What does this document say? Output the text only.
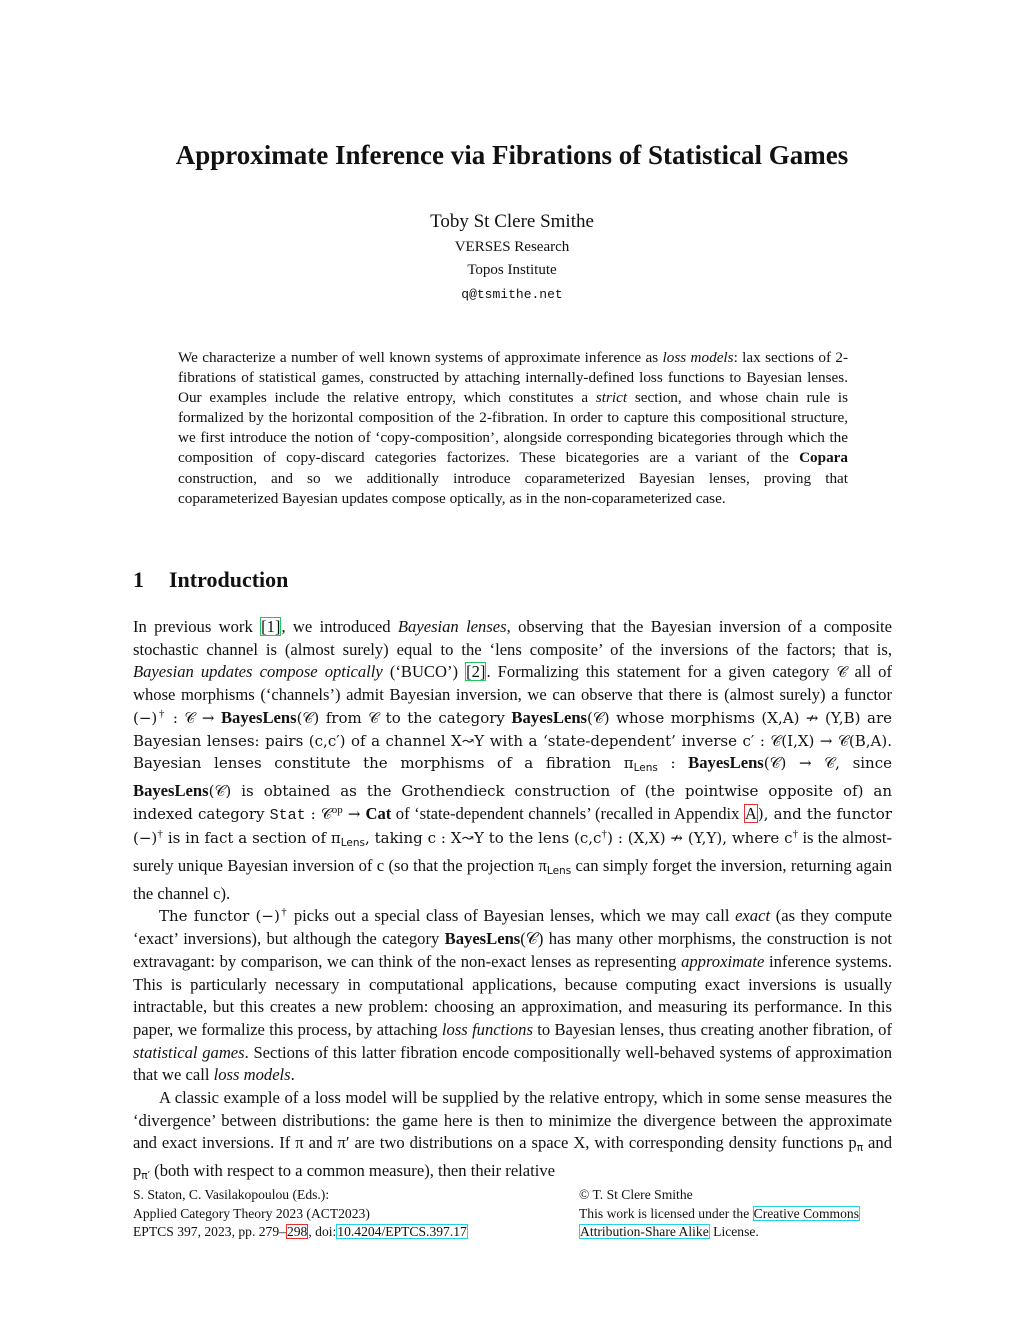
Approximate Inference via Fibrations of Statistical Games
Toby St Clere Smithe
VERSES Research
Topos Institute
q@tsmithe.net

We characterize a number of well known systems of approximate inference as loss models: lax sections of 2-fibrations of statistical games, constructed by attaching internally-defined loss functions to Bayesian lenses. Our examples include the relative entropy, which constitutes a strict section, and whose chain rule is formalized by the horizontal composition of the 2-fibration. In order to capture this compositional structure, we first introduce the notion of ‘copy-composition’, alongside corresponding bicategories through which the composition of copy-discard categories factorizes. These bicategories are a variant of the Copara construction, and so we additionally introduce coparameterized Bayesian lenses, proving that coparameterized Bayesian updates compose optically, as in the non-coparameterized case.

1 Introduction

In previous work [1], we introduced Bayesian lenses, observing that the Bayesian inversion of a composite stochastic channel is (almost surely) equal to the ‘lens composite’ of the inversions of the factors; that is, Bayesian updates compose optically (‘BUCO’) [2]. Formalizing this statement for a given category 𝒞 all of whose morphisms (‘channels’) admit Bayesian inversion, we can observe that there is (almost surely) a functor (−)† : 𝒞 → BayesLens(𝒞) from 𝒞 to the category BayesLens(𝒞) whose morphisms (X,A) ↛ (Y,B) are Bayesian lenses: pairs (c,c′) of a channel X↝Y with a ‘state-dependent’ inverse c′ : 𝒞(I,X) → 𝒞(B,A). Bayesian lenses constitute the morphisms of a fibration $\pi_{Lens}$ : BayesLens(𝒞) → 𝒞, since BayesLens(𝒞) is obtained as the Grothendieck construction of (the pointwise opposite of) an indexed category Stat : 𝒞$^{op}$ → Cat of ‘state-dependent channels’ (recalled in Appendix A), and the functor (−)† is in fact a section of $\pi_{Lens}$, taking c : X↝Y to the lens (c,c†) : (X,X) ↛ (Y,Y), where c† is the almost-surely unique Bayesian inversion of c (so that the projection $\pi_{Lens}$ can simply forget the inversion, returning again the channel c).

The functor (−)† picks out a special class of Bayesian lenses, which we may call exact (as they compute ‘exact’ inversions), but although the category BayesLens(𝒞) has many other morphisms, the construction is not extravagant: by comparison, we can think of the non-exact lenses as representing approximate inference systems. This is particularly necessary in computational applications, because computing exact inversions is usually intractable, but this creates a new problem: choosing an approximation, and measuring its performance. In this paper, we formalize this process, by attaching loss functions to Bayesian lenses, thus creating another fibration, of statistical games. Sections of this latter fibration encode compositionally well-behaved systems of approximation that we call loss models.

A classic example of a loss model will be supplied by the relative entropy, which in some sense measures the ‘divergence’ between distributions: the game here is then to minimize the divergence between the approximate and exact inversions. If π and π′ are two distributions on a space X, with corresponding density functions $p_\pi$ and $p_{\pi'}$ (both with respect to a common measure), then their relative

S. Staton, C. Vasilakopoulou (Eds.):
Applied Category Theory 2023 (ACT2023)
EPTCS 397, 2023, pp. 279–298, doi:10.4204/EPTCS.397.17
© T. St Clere Smithe
This work is licensed under the Creative Commons
Attribution-Share Alike License.
